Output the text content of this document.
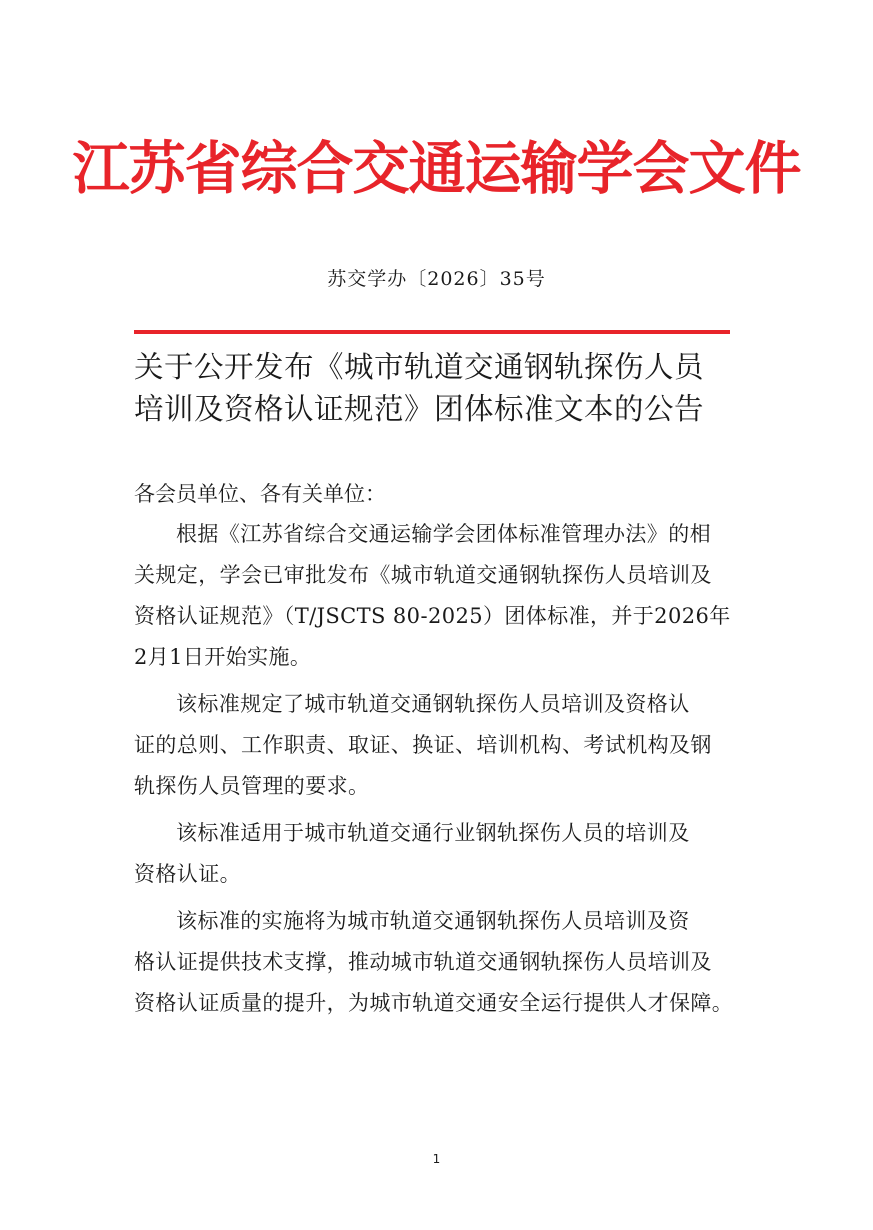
江苏省综合交通运输学会文件
苏交学办〔2026〕35号
关于公开发布《城市轨道交通钢轨探伤人员
培训及资格认证规范》团体标准文本的公告
各会员单位、各有关单位：
根据《江苏省综合交通运输学会团体标准管理办法》的相
关规定，学会已审批发布《城市轨道交通钢轨探伤人员培训及
资格认证规范》（T/JSCTS 80-2025）团体标准，并于2026年
2月1日开始实施。
该标准规定了城市轨道交通钢轨探伤人员培训及资格认
证的总则、工作职责、取证、换证、培训机构、考试机构及钢
轨探伤人员管理的要求。
该标准适用于城市轨道交通行业钢轨探伤人员的培训及
资格认证。
该标准的实施将为城市轨道交通钢轨探伤人员培训及资
格认证提供技术支撑，推动城市轨道交通钢轨探伤人员培训及
资格认证质量的提升，为城市轨道交通安全运行提供人才保障。
1
